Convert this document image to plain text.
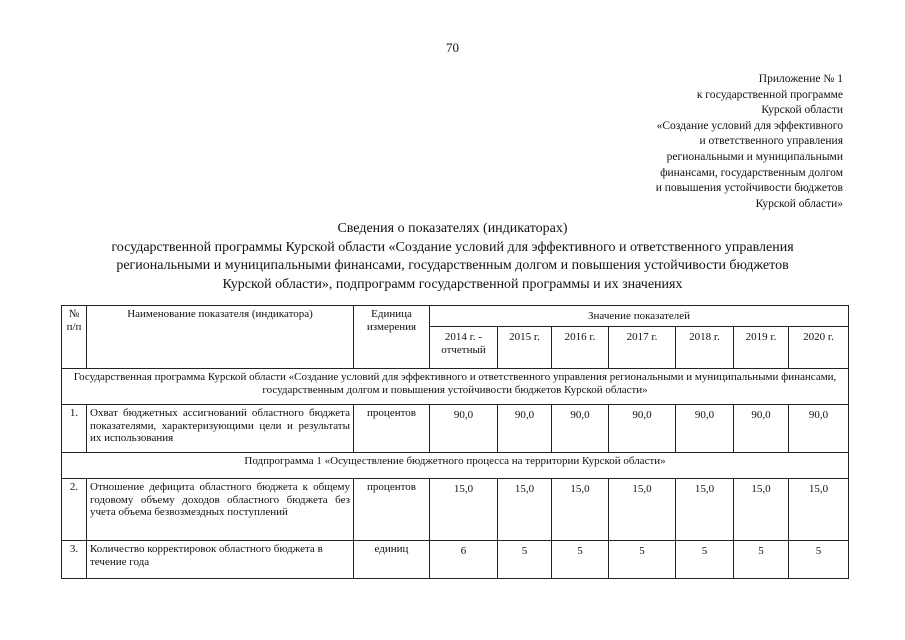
70
Приложение № 1
к государственной программе
Курской области
«Создание условий для эффективного
и ответственного управления
региональными и муниципальными
финансами, государственным долгом
и повышения устойчивости бюджетов
Курской области»
Сведения о показателях (индикаторах)
государственной программы Курской области «Создание условий для эффективного и ответственного управления
региональными и муниципальными финансами, государственным долгом и повышения устойчивости бюджетов
Курской области», подпрограмм государственной программы и их значениях
№ п/п	Наименование показателя (индикатора)	Единица измерения	Значение показателей						
			2014 г. - отчетный	2015 г.	2016 г.	2017 г.	2018 г.	2019 г.	2020 г.
Государственная программа Курской области «Создание условий для эффективного и ответственного управления региональными и муниципальными финансами, государственным долгом и повышения устойчивости бюджетов Курской области»									
1.	Охват бюджетных ассигнований областного бюджета показателями, характеризующими цели и результаты их использования	процентов	90,0	90,0	90,0	90,0	90,0	90,0	90,0
Подпрограмма 1 «Осуществление бюджетного процесса на территории Курской области»									
2.	Отношение дефицита областного бюджета к общему годовому объему доходов областного бюджета без учета объема безвозмездных поступлений	процентов	15,0	15,0	15,0	15,0	15,0	15,0	15,0
3.	Количество корректировок областного бюджета в течение года	единиц	6	5	5	5	5	5	5
